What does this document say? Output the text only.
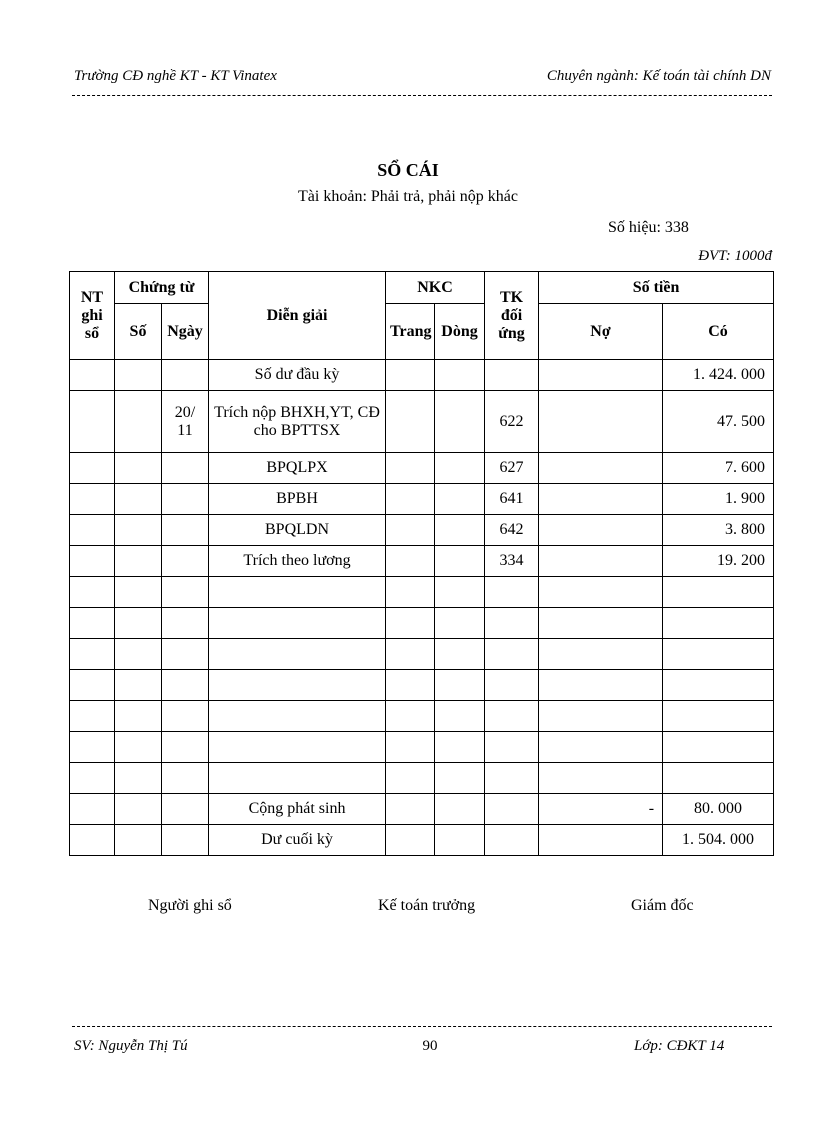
Trường CĐ nghề KT - KT Vinatex	Chuyên ngành: Kế toán tài chính DN
SỔ CÁI
Tài khoản: Phải trả, phải nộp khác
Số hiệu: 338
ĐVT: 1000đ
NT ghi sổ	Chứng từ		Diễn giải	NKC		TK đối ứng	Số tiền	
	Số	Ngày		Trang	Dòng		Nợ	Có
			Số dư đầu kỳ					1. 424. 000
		20/ 11	Trích nộp BHXH,YT, CĐ cho BPTTSX			622		47. 500
			BPQLPX			627		7. 600
			BPBH			641		1. 900
			BPQLDN			642		3. 800
			Trích theo lương			334		19. 200

			Cộng phát sinh				-	80. 000
			Dư cuối kỳ					1. 504. 000
Người ghi sổ	Kế toán trưởng	Giám đốc
SV: Nguyễn Thị Tú	90	Lớp: CĐKT 14
